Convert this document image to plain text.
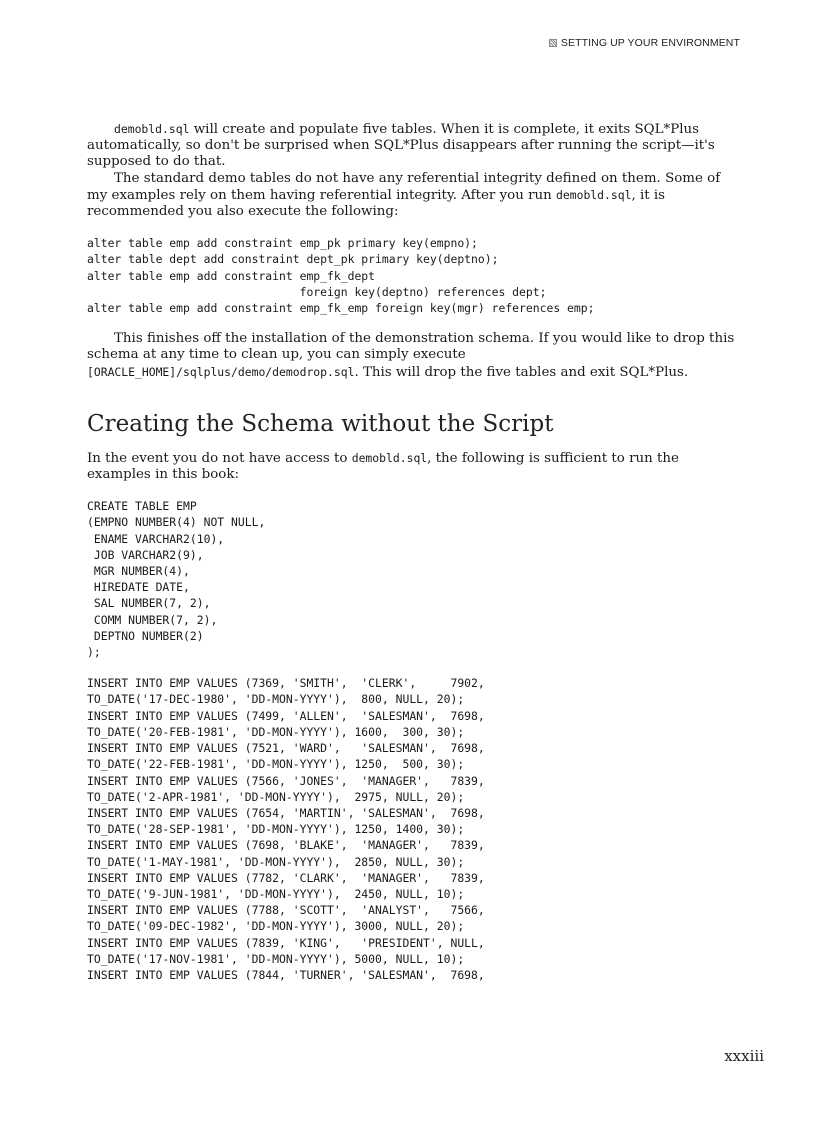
SETTING UP YOUR ENVIRONMENT

demobld.sql will create and populate five tables. When it is complete, it exits SQL*Plus automatically, so don't be surprised when SQL*Plus disappears after running the script—it's supposed to do that.

The standard demo tables do not have any referential integrity defined on them. Some of my examples rely on them having referential integrity. After you run demobld.sql, it is recommended you also execute the following:

alter table emp add constraint emp_pk primary key(empno);
alter table dept add constraint dept_pk primary key(deptno);
alter table emp add constraint emp_fk_dept
foreign key(deptno) references dept;
alter table emp add constraint emp_fk_emp foreign key(mgr) references emp;

This finishes off the installation of the demonstration schema. If you would like to drop this schema at any time to clean up, you can simply execute [ORACLE_HOME]/sqlplus/demo/demodrop.sql. This will drop the five tables and exit SQL*Plus.

Creating the Schema without the Script

In the event you do not have access to demobld.sql, the following is sufficient to run the examples in this book:

CREATE TABLE EMP
(EMPNO NUMBER(4) NOT NULL,
ENAME VARCHAR2(10),
JOB VARCHAR2(9),
MGR NUMBER(4),
HIREDATE DATE,
SAL NUMBER(7, 2),
COMM NUMBER(7, 2),
DEPTNO NUMBER(2)
);
INSERT INTO EMP VALUES (7369, 'SMITH',  'CLERK',     7902,
TO_DATE('17-DEC-1980', 'DD-MON-YYYY'),  800, NULL, 20);
INSERT INTO EMP VALUES (7499, 'ALLEN',  'SALESMAN',  7698,
TO_DATE('20-FEB-1981', 'DD-MON-YYYY'), 1600,  300, 30);
INSERT INTO EMP VALUES (7521, 'WARD',   'SALESMAN',  7698,
TO_DATE('22-FEB-1981', 'DD-MON-YYYY'), 1250,  500, 30);
INSERT INTO EMP VALUES (7566, 'JONES',  'MANAGER',   7839,
TO_DATE('2-APR-1981', 'DD-MON-YYYY'),  2975, NULL, 20);
INSERT INTO EMP VALUES (7654, 'MARTIN', 'SALESMAN',  7698,
TO_DATE('28-SEP-1981', 'DD-MON-YYYY'), 1250, 1400, 30);
INSERT INTO EMP VALUES (7698, 'BLAKE',  'MANAGER',   7839,
TO_DATE('1-MAY-1981', 'DD-MON-YYYY'),  2850, NULL, 30);
INSERT INTO EMP VALUES (7782, 'CLARK',  'MANAGER',   7839,
TO_DATE('9-JUN-1981', 'DD-MON-YYYY'),  2450, NULL, 10);
INSERT INTO EMP VALUES (7788, 'SCOTT',  'ANALYST',   7566,
TO_DATE('09-DEC-1982', 'DD-MON-YYYY'), 3000, NULL, 20);
INSERT INTO EMP VALUES (7839, 'KING',   'PRESIDENT', NULL,
TO_DATE('17-NOV-1981', 'DD-MON-YYYY'), 5000, NULL, 10);
INSERT INTO EMP VALUES (7844, 'TURNER', 'SALESMAN',  7698,
xxxiii
